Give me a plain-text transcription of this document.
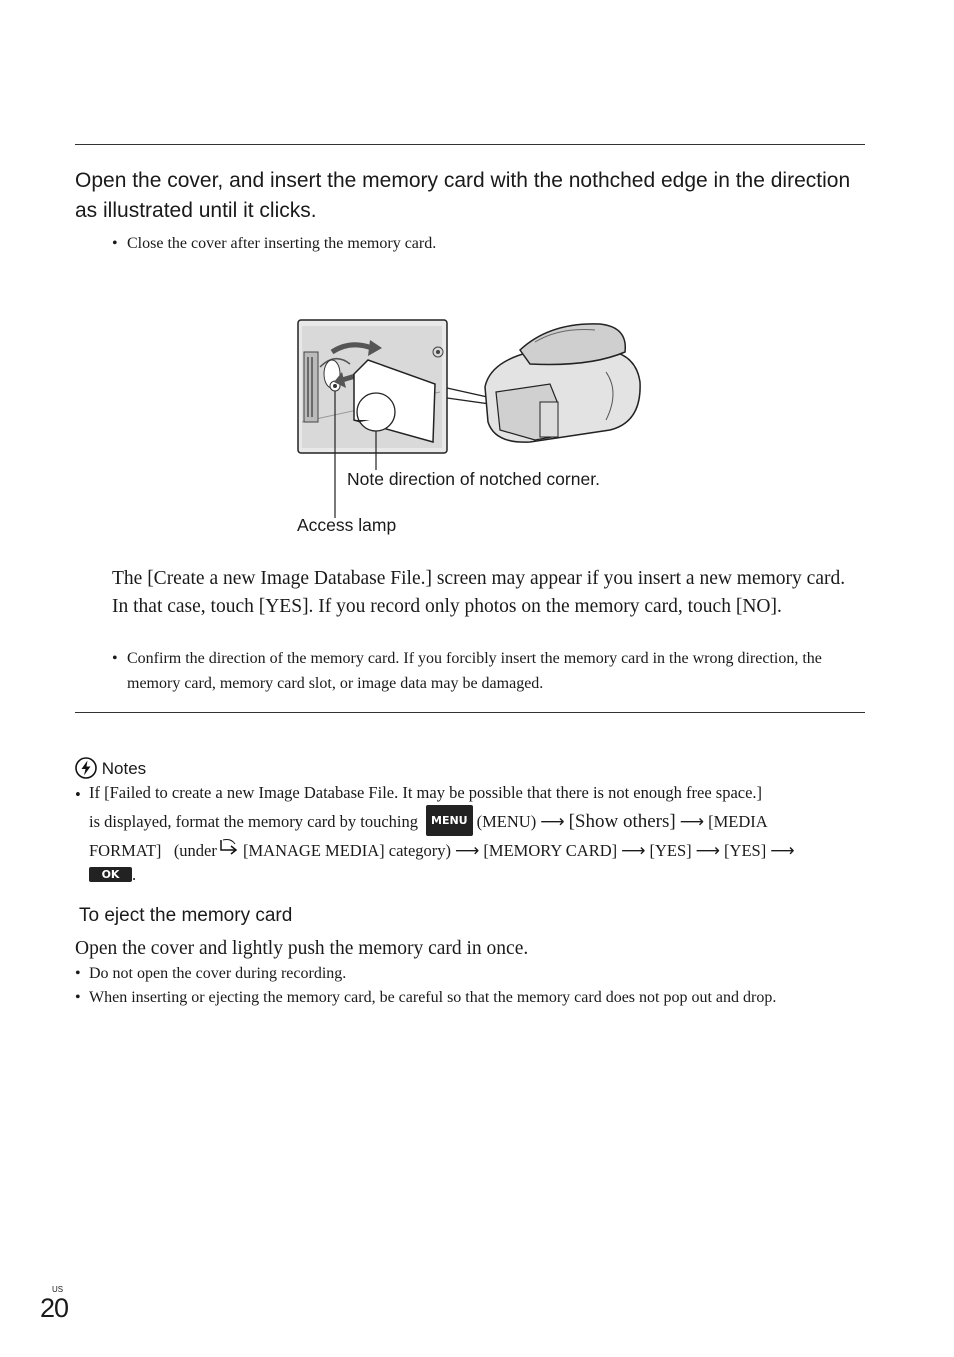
Open the cover, and insert the memory card with the nothched edge in the direction as illustrated until it clicks.
• Close the cover after inserting the memory card.
Note direction of notched corner.
Access lamp
The [Create a new Image Database File.] screen may appear if you insert a new memory card. In that case, touch [YES]. If you record only photos on the memory card, touch [NO].
• Confirm the direction of the memory card. If you forcibly insert the memory card in the wrong direction, the memory card, memory card slot, or image data may be damaged.
Notes
• If [Failed to create a new Image Database File. It may be possible that there is not enough free space.]
is displayed, format the memory card by touching MENU (MENU) ⟶ [Show others] ⟶ [MEDIA
FORMAT] (under [MANAGE MEDIA] category) ⟶ [MEMORY CARD] ⟶ [YES] ⟶ [YES] ⟶
OK .
To eject the memory card
Open the cover and lightly push the memory card in once.
• Do not open the cover during recording.
• When inserting or ejecting the memory card, be careful so that the memory card does not pop out and drop.
US
20
